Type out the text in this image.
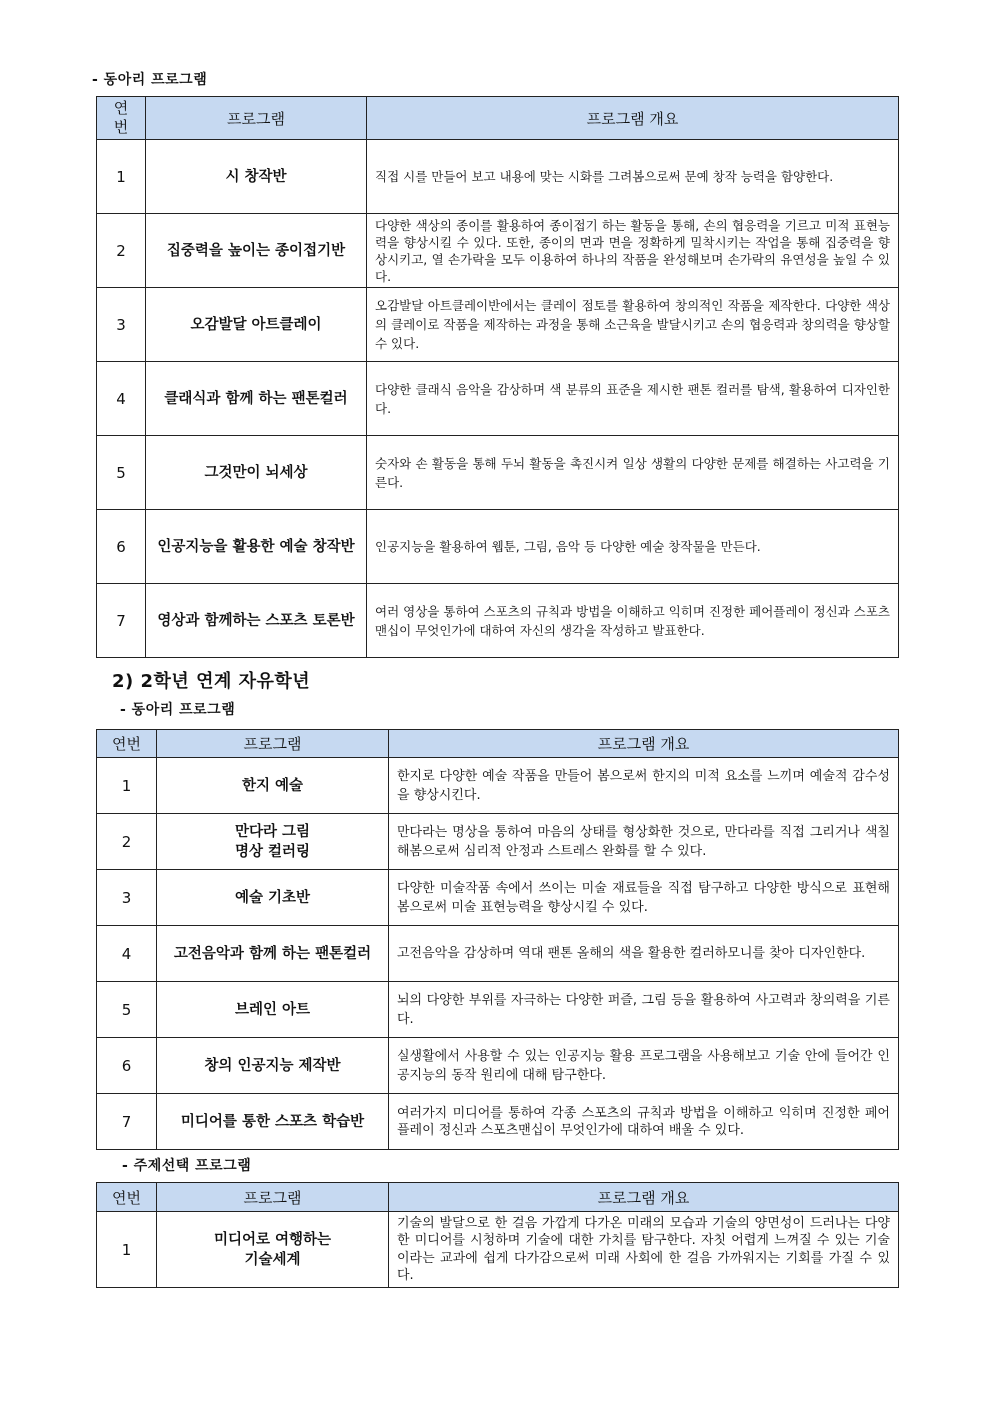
- 동아리 프로그램
연
번	프로그램	프로그램 개요
1	시 창작반	직접 시를 만들어 보고 내용에 맞는 시화를 그려봄으로써 문예 창작 능력을 함양한다.
2	집중력을 높이는 종이접기반	다양한 색상의 종이를 활용하여 종이접기 하는 활동을 통해, 손의 협응력을 기르고 미적 표현능력을 향상시킬 수 있다. 또한, 종이의 면과 면을 정확하게 밀착시키는 작업을 통해 집중력을 향상시키고, 열 손가락을 모두 이용하여 하나의 작품을 완성해보며 손가락의 유연성을 높일 수 있다.
3	오감발달 아트클레이	오감발달 아트클레이반에서는 클레이 점토를 활용하여 창의적인 작품을 제작한다. 다양한 색상의 클레이로 작품을 제작하는 과정을 통해 소근육을 발달시키고 손의 협응력과 창의력을 향상할 수 있다.
4	클래식과 함께 하는 팬톤컬러	다양한 클래식 음악을 감상하며 색 분류의 표준을 제시한 팬톤 컬러를 탐색, 활용하여 디자인한다.
5	그것만이 뇌세상	숫자와 손 활동을 통해 두뇌 활동을 촉진시켜 일상 생활의 다양한 문제를 해결하는 사고력을 기른다.
6	인공지능을 활용한 예술 창작반	인공지능을 활용하여 웹툰, 그림, 음악 등 다양한 예술 창작물을 만든다.
7	영상과 함께하는 스포츠 토론반	여러 영상을 통하여 스포츠의 규칙과 방법을 이해하고 익히며 진정한 페어플레이 정신과 스포츠맨십이 무엇인가에 대하여 자신의 생각을 작성하고 발표한다.
2) 2학년 연계 자유학년
- 동아리 프로그램
연번	프로그램	프로그램 개요
1	한지 예술	한지로 다양한 예술 작품을 만들어 봄으로써 한지의 미적 요소를 느끼며 예술적 감수성을 향상시킨다.
2	만다라 그림
명상 컬러링	만다라는 명상을 통하여 마음의 상태를 형상화한 것으로, 만다라를 직접 그리거나 색칠해봄으로써 심리적 안정과 스트레스 완화를 할 수 있다.
3	예술 기초반	다양한 미술작품 속에서 쓰이는 미술 재료들을 직접 탐구하고 다양한 방식으로 표현해 봄으로써 미술 표현능력을 향상시킬 수 있다.
4	고전음악과 함께 하는 팬톤컬러	고전음악을 감상하며 역대 팬톤 올해의 색을 활용한 컬러하모니를 찾아 디자인한다.
5	브레인 아트	뇌의 다양한 부위를 자극하는 다양한 퍼즐, 그림 등을 활용하여 사고력과 창의력을 기른다.
6	창의 인공지능 제작반	실생활에서 사용할 수 있는 인공지능 활용 프로그램을 사용해보고 기술 안에 들어간 인공지능의 동작 원리에 대해 탐구한다.
7	미디어를 통한 스포츠 학습반	여러가지 미디어를 통하여 각종 스포츠의 규칙과 방법을 이해하고 익히며 진정한 페어플레이 정신과 스포츠맨십이 무엇인가에 대하여 배울 수 있다.
- 주제선택 프로그램
연번	프로그램	프로그램 개요
1	미디어로 여행하는
기술세계	기술의 발달으로 한 걸음 가깝게 다가온 미래의 모습과 기술의 양면성이 드러나는 다양한 미디어를 시청하며 기술에 대한 가치를 탐구한다. 자칫 어렵게 느껴질 수 있는 기술이라는 교과에 쉽게 다가감으로써 미래 사회에 한 걸음 가까워지는 기회를 가질 수 있다.
